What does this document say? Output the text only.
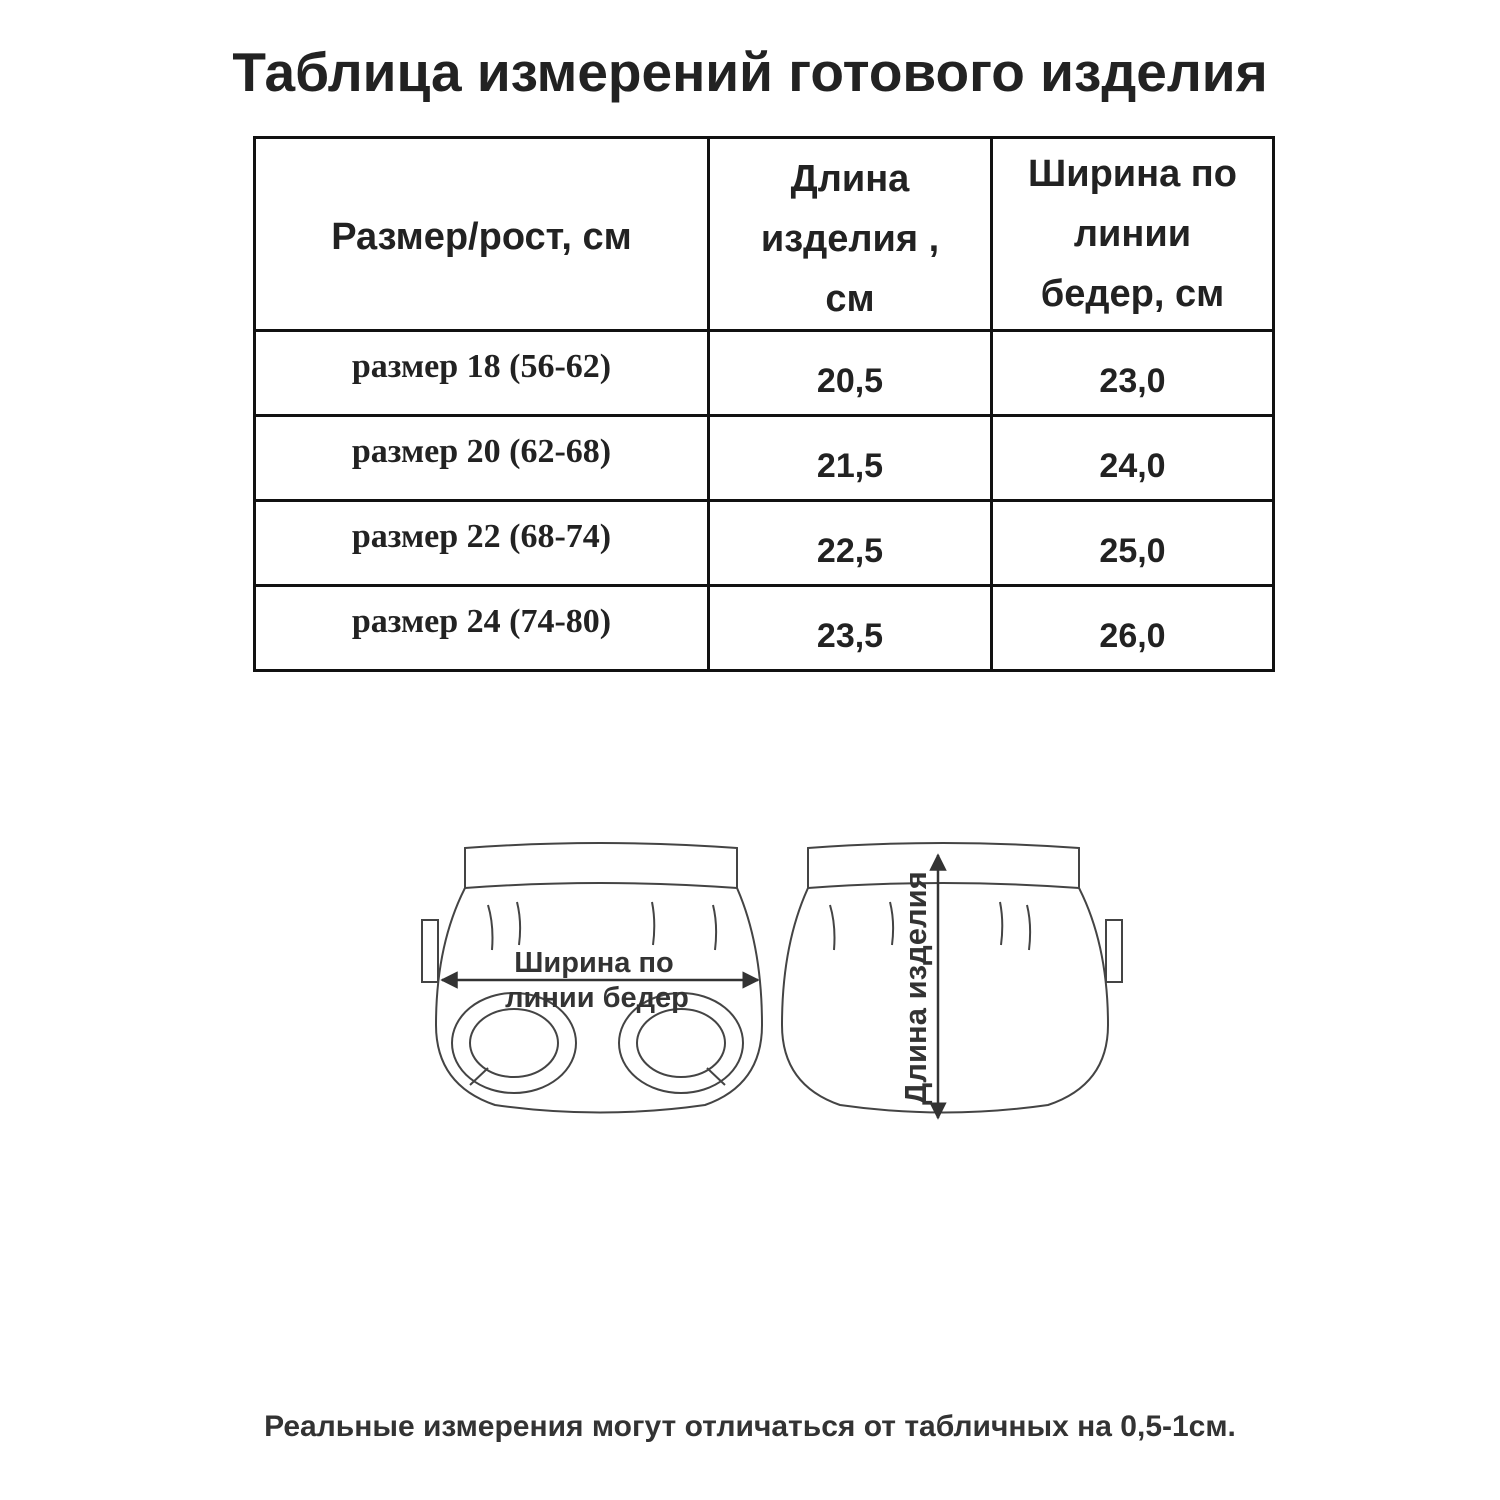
Таблица измерений готового изделия
Размер/рост, см	Длина изделия , см	Ширина по линии бедер, см
размер 18 (56-62)	20,5	23,0
размер 20 (62-68)	21,5	24,0
размер 22 (68-74)	22,5	25,0
размер 24 (74-80)	23,5	26,0
Ширина по
линии бедер	Длина изделия
Реальные измерения могут отличаться от табличных на 0,5-1см.
